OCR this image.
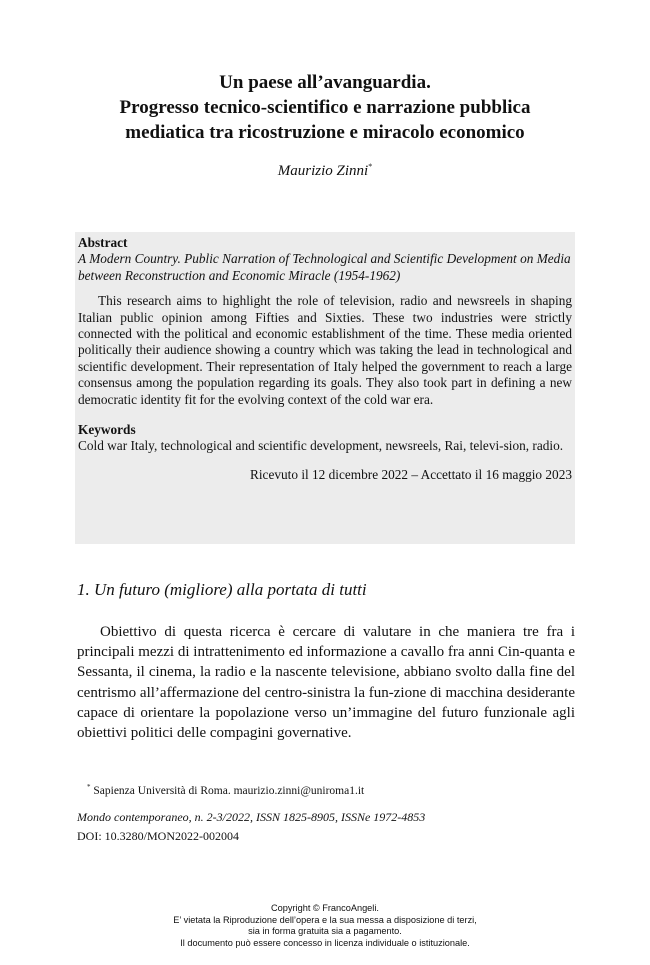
Un paese all’avanguardia.
Progresso tecnico-scientifico e narrazione pubblica
mediatica tra ricostruzione e miracolo economico
Maurizio Zinni*
Abstract
A Modern Country. Public Narration of Technological and Scientific Development on Media between Reconstruction and Economic Miracle (1954-1962)
This research aims to highlight the role of television, radio and newsreels in shaping Italian public opinion among Fifties and Sixties. These two industries were strictly connected with the political and economic establishment of the time. These media oriented politically their audience showing a country which was taking the lead in technological and scientific development. Their representation of Italy helped the government to reach a large consensus among the population regarding its goals. They also took part in defining a new democratic identity fit for the evolving context of the cold war era.
Keywords
Cold war Italy, technological and scientific development, newsreels, Rai, televi-sion, radio.
Ricevuto il 12 dicembre 2022 – Accettato il 16 maggio 2023
1. Un futuro (migliore) alla portata di tutti
Obiettivo di questa ricerca è cercare di valutare in che maniera tre fra i principali mezzi di intrattenimento ed informazione a cavallo fra anni Cin-quanta e Sessanta, il cinema, la radio e la nascente televisione, abbiano svolto dalla fine del centrismo all’affermazione del centro-sinistra la fun-zione di macchina desiderante capace di orientare la popolazione verso un’immagine del futuro funzionale agli obiettivi politici delle compagini governative.
* Sapienza Università di Roma. maurizio.zinni@uniroma1.it
Mondo contemporaneo, n. 2-3/2022, ISSN 1825-8905, ISSNe 1972-4853
DOI: 10.3280/MON2022-002004
Copyright © FrancoAngeli.
E’ vietata la Riproduzione dell’opera e la sua messa a disposizione di terzi,
sia in forma gratuita sia a pagamento.
Il documento può essere concesso in licenza individuale o istituzionale.
